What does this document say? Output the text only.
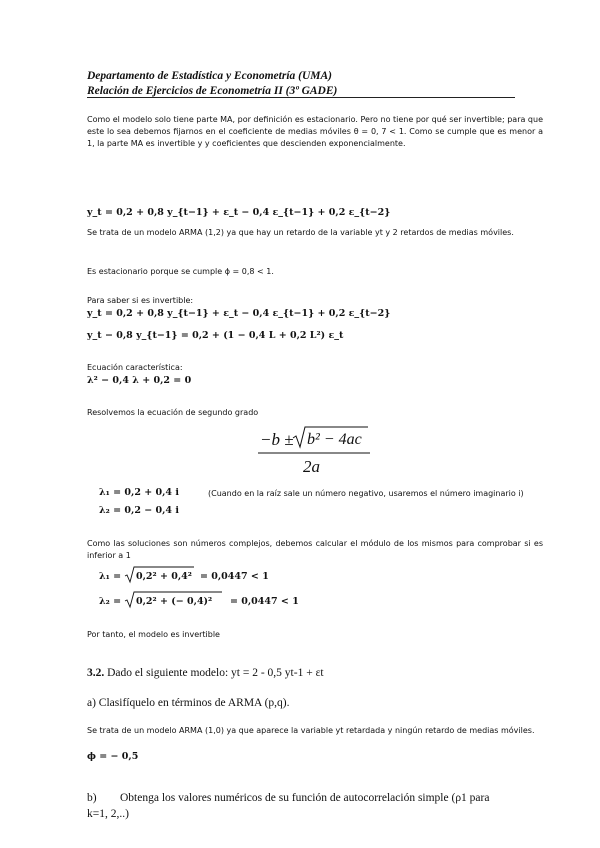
Departamento de Estadística y Econometría (UMA)
Relación de Ejercicios de Econometría II (3º GADE)
Como el modelo solo tiene parte MA, por definición es estacionario. Pero no tiene por qué ser invertible; para que este lo sea debemos fijarnos en el coeficiente de medias móviles θ = 0, 7 < 1. Como se cumple que es menor a 1, la parte MA es invertible y y coeficientes que descienden exponencialmente.
y_t = 0,2 + 0,8 y_{t−1} + ε_t − 0,4 ε_{t−1} + 0,2 ε_{t−2}
Se trata de un modelo ARMA (1,2) ya que hay un retardo de la variable yt y 2 retardos de medias móviles.
Es estacionario porque se cumple ϕ = 0,8 < 1.
Para saber si es invertible:
y_t = 0,2 + 0,8 y_{t−1} + ε_t − 0,4 ε_{t−1} + 0,2 ε_{t−2}
y_t − 0,8 y_{t−1} = 0,2 + (1 − 0,4 L + 0,2 L²) ε_t
Ecuación característica:
λ² − 0,4 λ + 0,2 = 0
Resolvemos la ecuación de segundo grado
−b ± b² − 4ac
2a
λ₁ = 0,2 + 0,4 i	(Cuando en la raíz sale un número negativo, usaremos el número imaginario i)
λ₂ = 0,2 − 0,4 i
Como las soluciones son números complejos, debemos calcular el módulo de los mismos para comprobar si es inferior a 1
λ₁ = 0,2² + 0,4² = 0,0447 < 1
λ₂ = 0,2² + (− 0,4)² = 0,0447 < 1
Por tanto, el modelo es invertible
3.2. Dado el siguiente modelo: yt = 2 - 0,5 yt-1 + εt
a) Clasifíquelo en términos de ARMA (p,q).
Se trata de un modelo ARMA (1,0) ya que aparece la variable yt retardada y ningún retardo de medias móviles.
ϕ = − 0,5
b) Obtenga los valores numéricos de su función de autocorrelación simple (ρ1 para
k=1, 2,..)
